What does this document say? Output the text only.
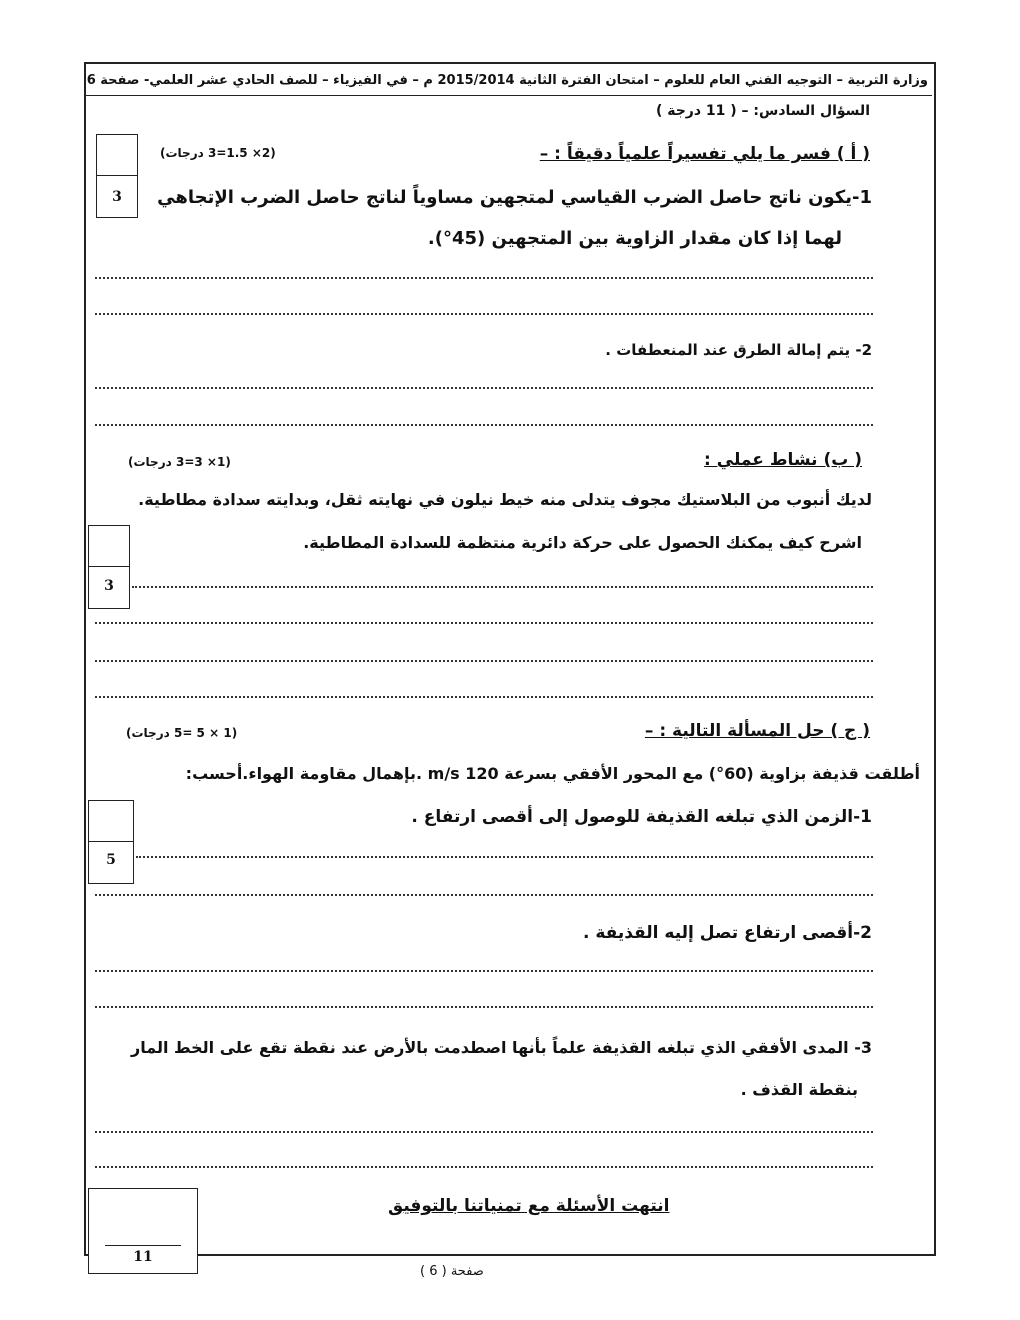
وزارة التربية – التوجيه الفني العام للعلوم – امتحان الفترة الثانية 2015/2014 م – في الفيزياء – للصف الحادي عشر العلمي- صفحة 6
السؤال السادس: – ( 11 درجة )
3
( أ ) فسر ما يلي تفسيراً علمياً دقيقاً : –
(2× 1.5=3 درجات)
1-يكون ناتج حاصل الضرب القياسي لمتجهين مساوياً لناتج حاصل الضرب الإتجاهي
لهما إذا كان مقدار الزاوية بين المتجهين (45°).
2- يتم إمالة الطرق عند المنعطفات .
( ب) نشاط عملي :
(1× 3=3 درجات)
لديك أنبوب من البلاستيك مجوف يتدلى منه خيط نيلون في نهايته ثقل، وبدايته سدادة مطاطية.
3
اشرح كيف يمكنك الحصول على حركة دائرية منتظمة للسدادة المطاطية.
( ج ) حل المسألة التالية : –
(1 × 5 =5 درجات)
أطلقت قذيفة بزاوية (60°) مع المحور الأفقي بسرعة 120 m/s .بإهمال مقاومة الهواء.أحسب:
5
1-الزمن الذي تبلغه القذيفة للوصول إلى أقصى ارتفاع .
2-أقصى ارتفاع تصل إليه القذيفة .
3- المدى الأفقي الذي تبلغه القذيفة علماً بأنها اصطدمت بالأرض عند نقطة تقع على الخط المار
بنقطة القذف .
11
انتهت الأسئلة مع تمنياتنا بالتوفيق
صفحة ( 6 )
